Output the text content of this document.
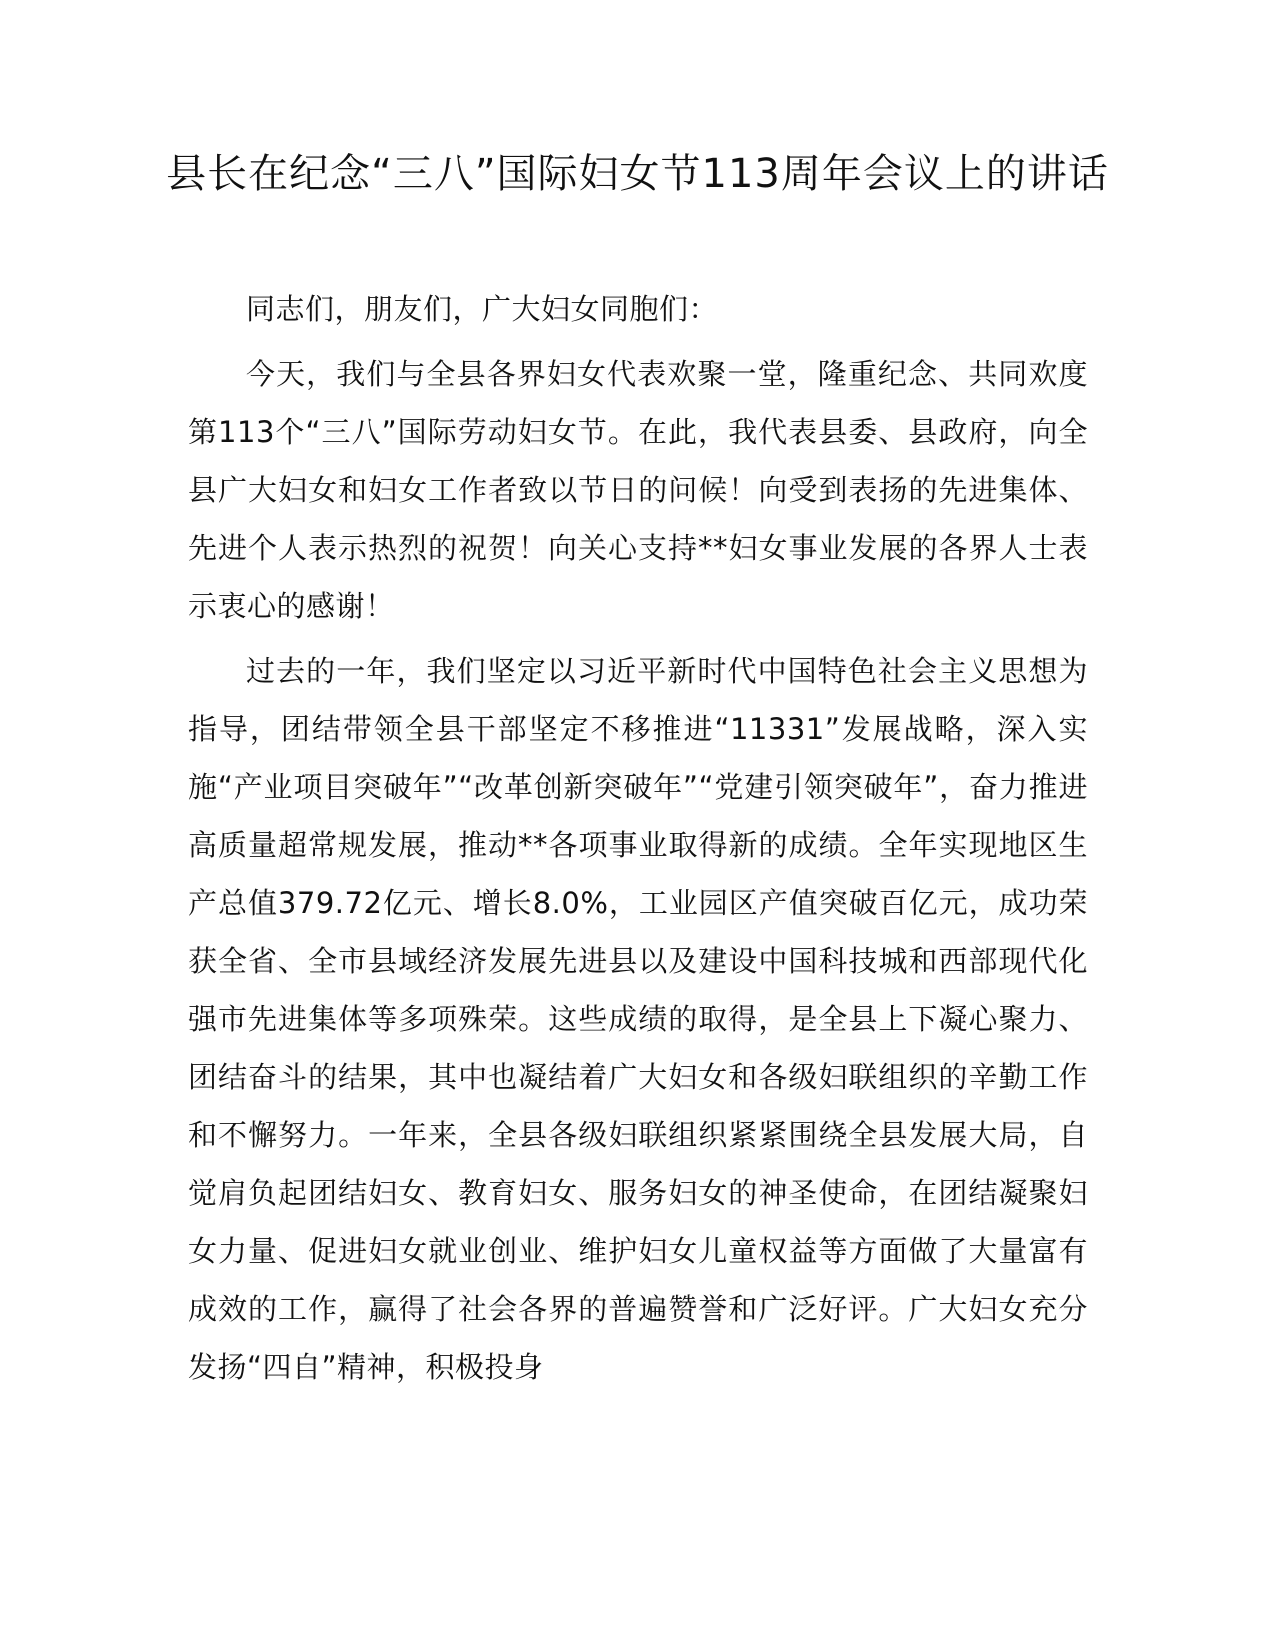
县长在纪念“三八”国际妇女节113周年会议上的讲话

同志们，朋友们，广大妇女同胞们：

今天，我们与全县各界妇女代表欢聚一堂，隆重纪念、共同欢度第113个“三八”国际劳动妇女节。在此，我代表县委、县政府，向全县广大妇女和妇女工作者致以节日的问候！向受到表扬的先进集体、先进个人表示热烈的祝贺！向关心支持**妇女事业发展的各界人士表示衷心的感谢！

过去的一年，我们坚定以习近平新时代中国特色社会主义思想为指导，团结带领全县干部坚定不移推进“11331”发展战略，深入实施“产业项目突破年”“改革创新突破年”“党建引领突破年”，奋力推进高质量超常规发展，推动**各项事业取得新的成绩。全年实现地区生产总值379.72亿元、增长8.0%，工业园区产值突破百亿元，成功荣获全省、全市县域经济发展先进县以及建设中国科技城和西部现代化强市先进集体等多项殊荣。这些成绩的取得，是全县上下凝心聚力、团结奋斗的结果，其中也凝结着广大妇女和各级妇联组织的辛勤工作和不懈努力。一年来，全县各级妇联组织紧紧围绕全县发展大局，自觉肩负起团结妇女、教育妇女、服务妇女的神圣使命，在团结凝聚妇女力量、促进妇女就业创业、维护妇女儿童权益等方面做了大量富有成效的工作，赢得了社会各界的普遍赞誉和广泛好评。广大妇女充分发扬“四自”精神，积极投身
